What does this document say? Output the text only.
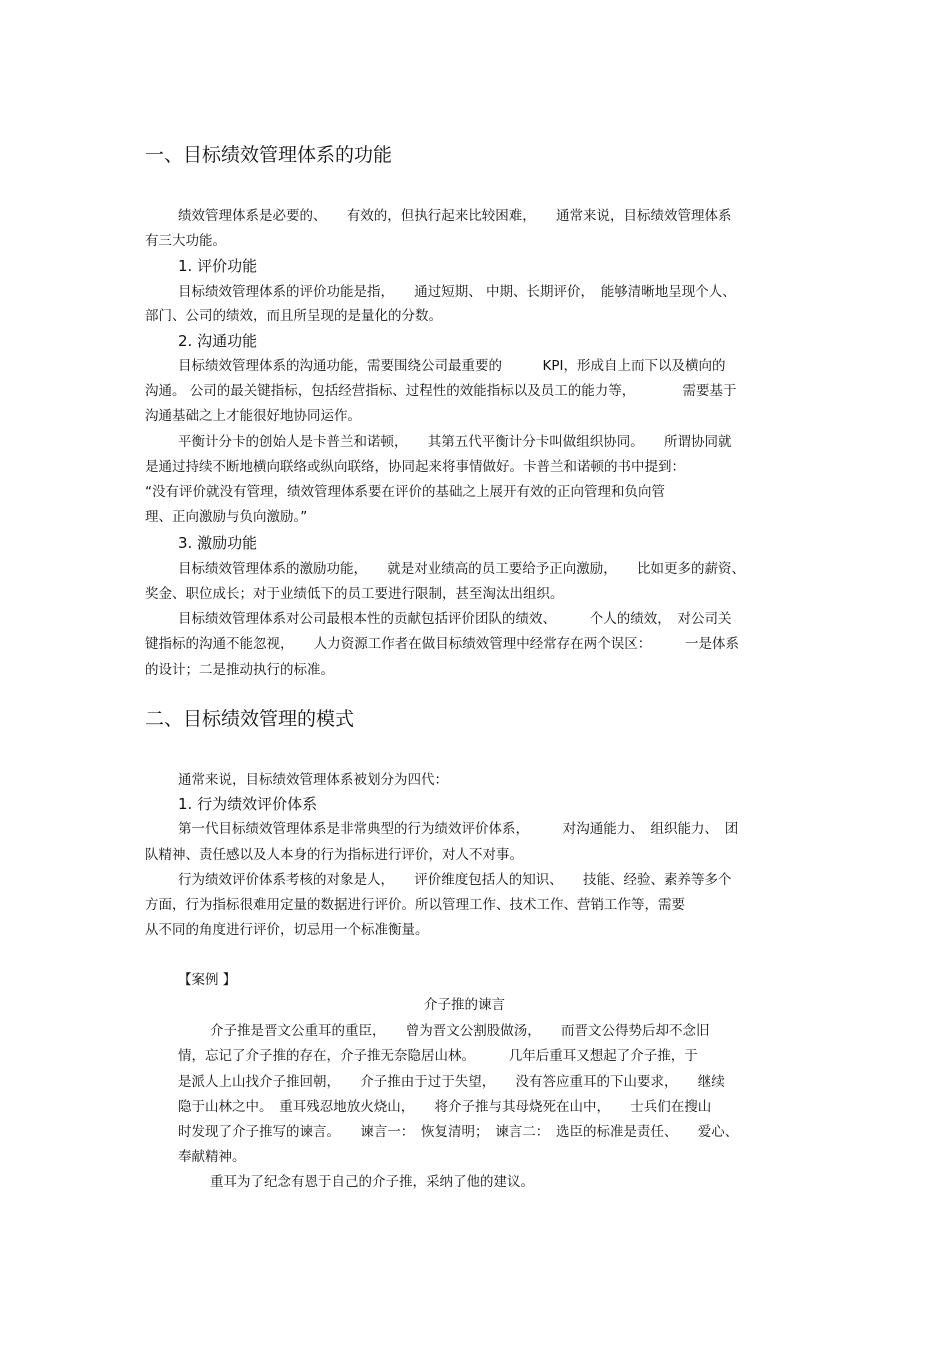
一、目标绩效管理体系的功能
绩效管理体系是必要的、　　有效的，但执行起来比较困难，　　通常来说，目标绩效管理体系
有三大功能。
1. 评价功能
目标绩效管理体系的评价功能是指，　　通过短期、 中期、长期评价，　能够清晰地呈现个人、
部门、公司的绩效，而且所呈现的是量化的分数。
2. 沟通功能
目标绩效管理体系的沟通功能，需要围绕公司最重要的　　　KPI，形成自上而下以及横向的
沟通。 公司的最关键指标，包括经营指标、过程性的效能指标以及员工的能力等，　　　　需要基于
沟通基础之上才能很好地协同运作。
平衡计分卡的创始人是卡普兰和诺顿，　　其第五代平衡计分卡叫做组织协同。　　所谓协同就
是通过持续不断地横向联络或纵向联络，协同起来将事情做好。卡普兰和诺顿的书中提到：
“没有评价就没有管理，绩效管理体系要在评价的基础之上展开有效的正向管理和负向管
理、正向激励与负向激励。”
3. 激励功能
目标绩效管理体系的激励功能，　　就是对业绩高的员工要给予正向激励，　　比如更多的薪资、
奖金、职位成长；对于业绩低下的员工要进行限制，甚至淘汰出组织。
目标绩效管理体系对公司最根本性的贡献包括评价团队的绩效、　　　个人的绩效，　对公司关
键指标的沟通不能忽视，　　人力资源工作者在做目标绩效管理中经常存在两个误区：　　　一是体系
的设计；二是推动执行的标准。
二、目标绩效管理的模式
通常来说，目标绩效管理体系被划分为四代：
1. 行为绩效评价体系
第一代目标绩效管理体系是非常典型的行为绩效评价体系，　　　对沟通能力、　组织能力、　团
队精神、责任感以及人本身的行为指标进行评价，对人不对事。
行为绩效评价体系考核的对象是人，　　评价维度包括人的知识、　　技能、经验、素养等多个
方面，行为指标很难用定量的数据进行评价。所以管理工作、技术工作、营销工作等，需要
从不同的角度进行评价，切忌用一个标准衡量。
【案例 】
介子推的谏言
介子推是晋文公重耳的重臣，　　曾为晋文公割股做汤，　　而晋文公得势后却不念旧
情，忘记了介子推的存在，介子推无奈隐居山林。　　　几年后重耳又想起了介子推，于
是派人上山找介子推回朝，　　介子推由于过于失望，　　没有答应重耳的下山要求，　　继续
隐于山林之中。　重耳残忍地放火烧山，　　将介子推与其母烧死在山中，　　士兵们在搜山
时发现了介子推写的谏言。　　谏言一：　恢复清明；　谏言二：　选臣的标准是责任、　　爱心、
奉献精神。
重耳为了纪念有恩于自己的介子推，采纳了他的建议。
